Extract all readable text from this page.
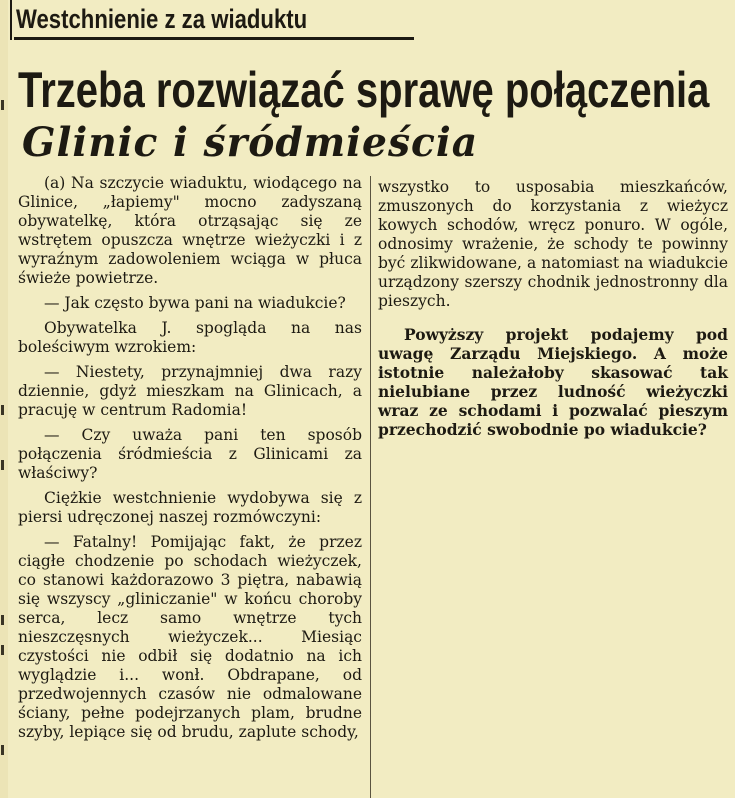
Westchnienie z za wiaduktu
Trzeba rozwiązać sprawę połączenia
Glinic i śródmieścia

(a) Na szczycie wiaduktu, wiodącego na Glinice, „łapiemy" mocno zadyszaną obywatelkę, która otrząsając się ze wstrętem opuszcza wnętrze wieżyczki i z wyraźnym zadowoleniem wciąga w płuca świeże powietrze.

— Jak często bywa pani na wiadukcie?

Obywatelka J. spogląda na nas boleściwym wzrokiem:

— Niestety, przynajmniej dwa razy dziennie, gdyż mieszkam na Glinicach, a pracuję w centrum Radomia!

— Czy uważa pani ten sposób połączenia śródmieścia z Glinicami za właściwy?

Ciężkie westchnienie wydobywa się z piersi udręczonej naszej rozmówczyni:

— Fatalny! Pomijając fakt, że przez ciągłe chodzenie po schodach wieżyczek, co stanowi każdorazowo 3 piętra, nabawią się wszyscy „gliniczanie" w końcu choroby serca, lecz samo wnętrze tych nieszczęsnych wieżyczek... Miesiąc czystości nie odbił się dodatnio na ich wyglądzie i... wonł. Obdrapane, od przedwojennych czasów nie odmalowane ściany, pełne podejrzanych plam, brudne szyby, lepiące się od brudu, zaplute schody,

wszystko to usposabia mieszkańców, zmuszonych do korzystania z wieżycz kowych schodów, wręcz ponuro. W ogóle, odnosimy wrażenie, że schody te powinny być zlikwidowane, a natomiast na wiadukcie urządzony szerszy chodnik jednostronny dla pieszych.

Powyższy projekt podajemy pod uwagę Zarządu Miejskiego. A może istotnie należałoby skasować tak nielubiane przez ludność wieżyczki wraz ze schodami i pozwalać pieszym przechodzić swobodnie po wiadukcie?
